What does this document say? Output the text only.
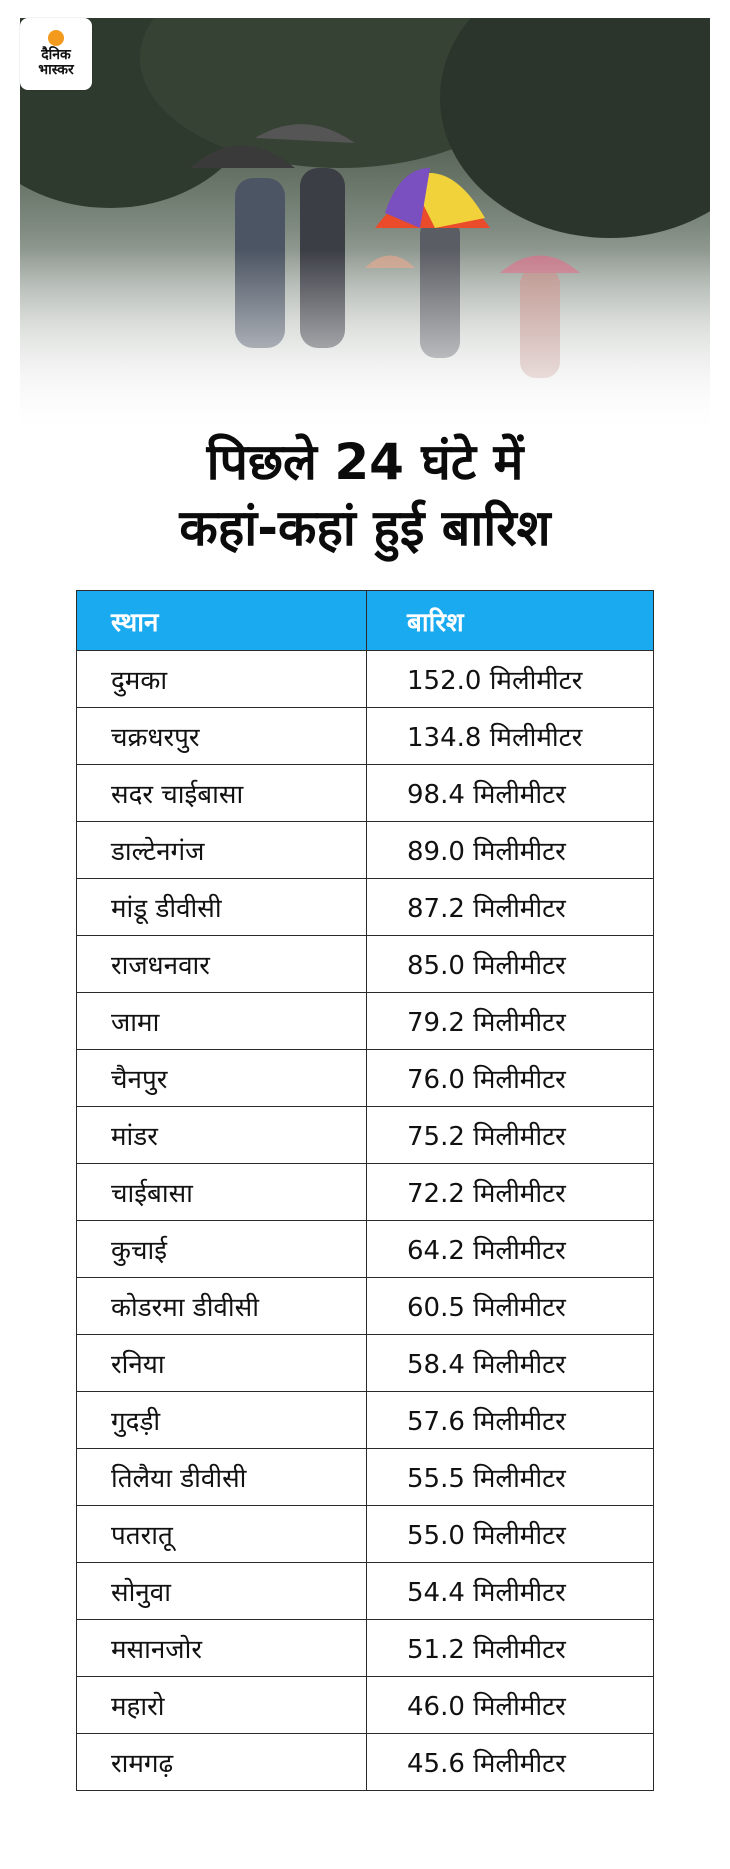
दैनिक
भास्कर
पिछले 24 घंटे में
कहां-कहां हुई बारिश
स्थान	बारिश
दुमका	152.0 मिलीमीटर
चक्रधरपुर	134.8 मिलीमीटर
सदर चाईबासा	98.4 मिलीमीटर
डाल्टेनगंज	89.0 मिलीमीटर
मांडू डीवीसी	87.2 मिलीमीटर
राजधनवार	85.0 मिलीमीटर
जामा	79.2 मिलीमीटर
चैनपुर	76.0 मिलीमीटर
मांडर	75.2 मिलीमीटर
चाईबासा	72.2 मिलीमीटर
कुचाई	64.2 मिलीमीटर
कोडरमा डीवीसी	60.5 मिलीमीटर
रनिया	58.4 मिलीमीटर
गुदड़ी	57.6 मिलीमीटर
तिलैया डीवीसी	55.5 मिलीमीटर
पतरातू	55.0 मिलीमीटर
सोनुवा	54.4 मिलीमीटर
मसानजोर	51.2 मिलीमीटर
महारो	46.0 मिलीमीटर
रामगढ़	45.6 मिलीमीटर
